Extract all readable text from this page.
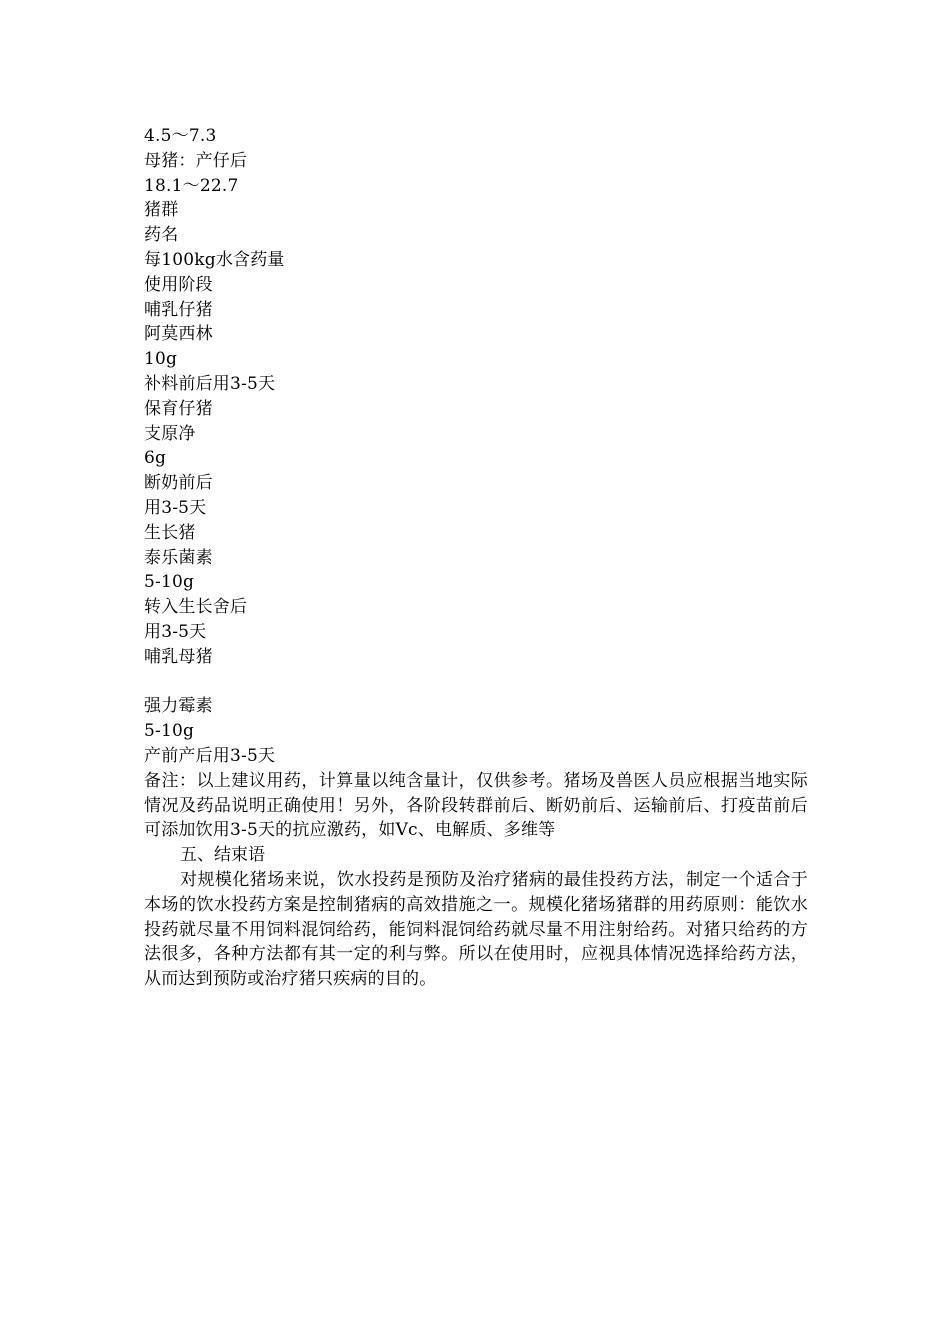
4.5～7.3
母猪：产仔后
18.1～22.7
猪群
药名
每100kg水含药量
使用阶段
哺乳仔猪
阿莫西林
10g
补料前后用3-5天
保育仔猪
支原净
6g
断奶前后
用3-5天
生长猪
泰乐菌素
5-10g
转入生长舍后
用3-5天
哺乳母猪
强力霉素
5-10g
产前产后用3-5天
备注：以上建议用药，计算量以纯含量计，仅供参考。猪场及兽医人员应根据当地实际情况及药品说明正确使用！另外，各阶段转群前后、断奶前后、运输前后、打疫苗前后可添加饮用3-5天的抗应激药，如Vc、电解质、多维等
五、结束语
对规模化猪场来说，饮水投药是预防及治疗猪病的最佳投药方法，制定一个适合于本场的饮水投药方案是控制猪病的高效措施之一。规模化猪场猪群的用药原则：能饮水投药就尽量不用饲料混饲给药，能饲料混饲给药就尽量不用注射给药。对猪只给药的方法很多，各种方法都有其一定的利与弊。所以在使用时，应视具体情况选择给药方法，从而达到预防或治疗猪只疾病的目的。
